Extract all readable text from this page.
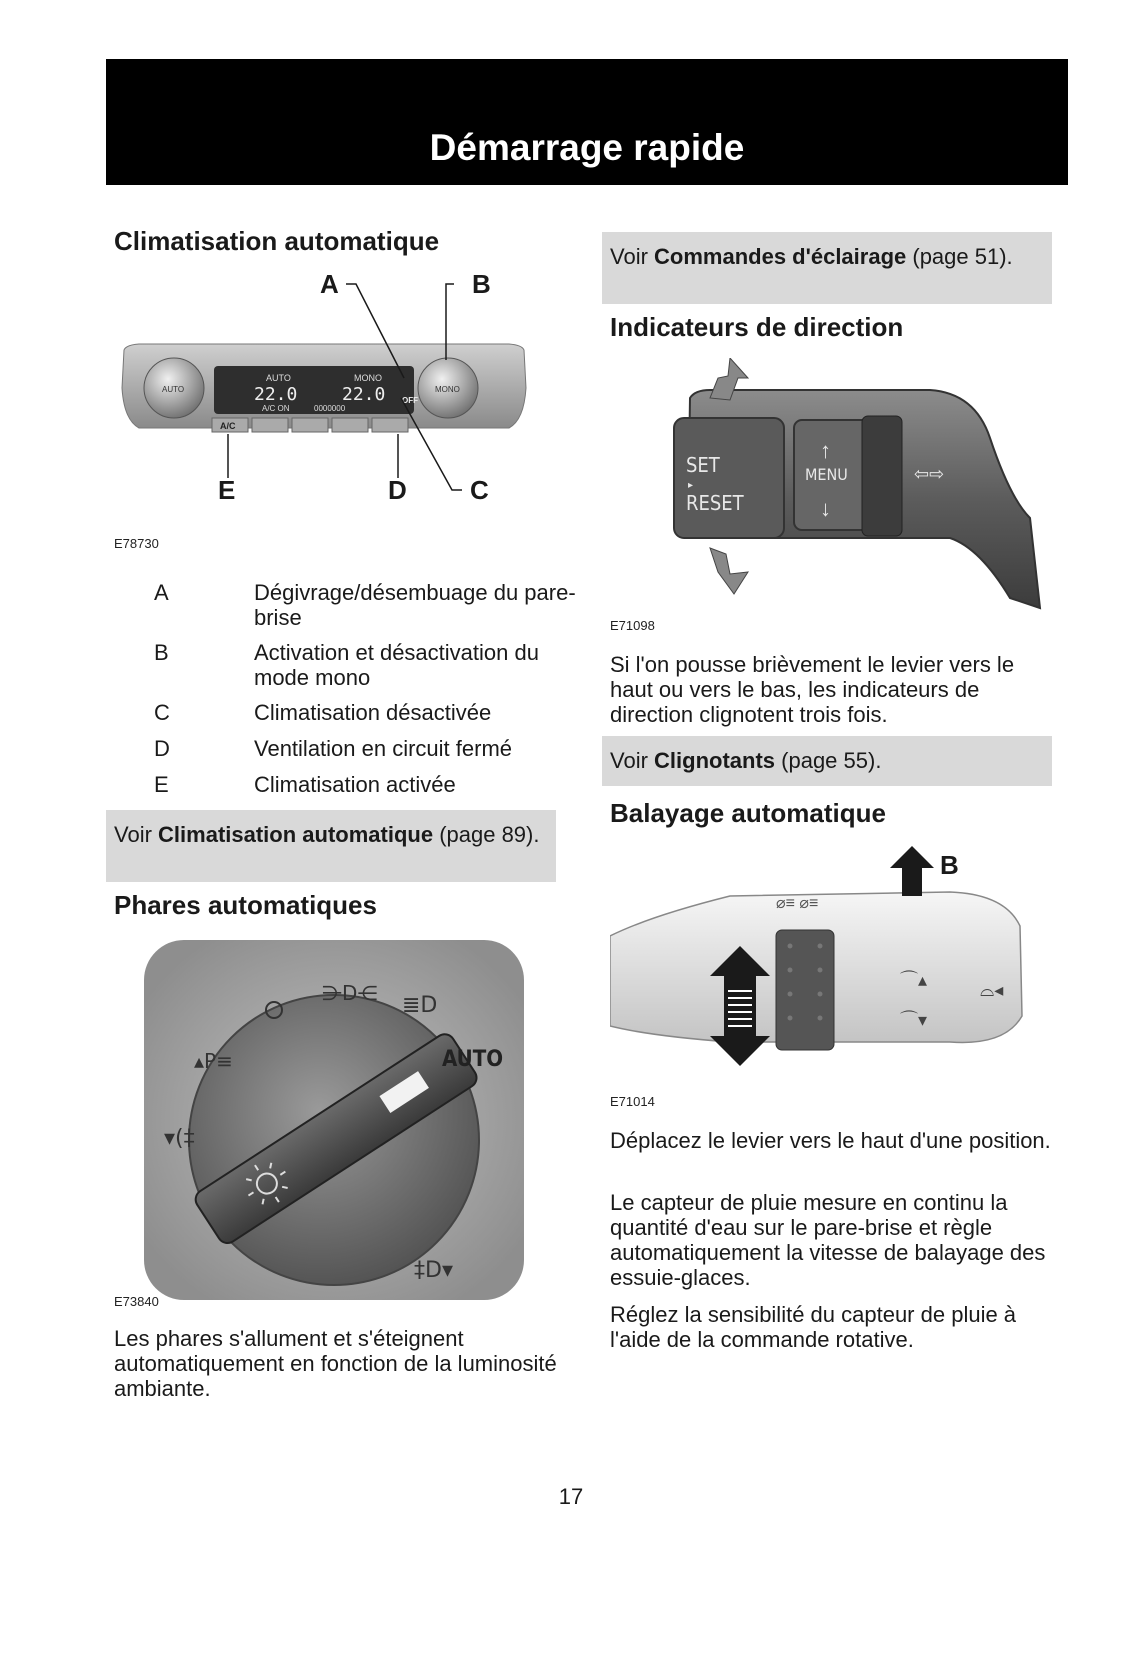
Démarrage rapide
Climatisation automatique
AUTO	MONO
22.0 22.0
A/C ON	0000000
OFF
AUTO	MONO
A/C
A	B
C
D
E
E78730
A	Dégivrage/désembuage du pare-brise
B	Activation et désactivation du mode mono
C	Climatisation désactivée
D	Ventilation en circuit fermé
E	Climatisation activée
Voir Climatisation automatique (page 89).
Phares automatiques
⋺D⋲ ≣D
▴P≡
▾(‡
‡D▾
AUTO
E73840

Les phares s'allument et s'éteignent automatiquement en fonction de la luminosité ambiante.

Voir Commandes d'éclairage (page 51).
Indicateurs de direction
SET
▸
RESET
MENU
↑
↓
⇦⇨
E71098

Si l'on pousse brièvement le levier vers le haut ou vers le bas, les indicateurs de direction clignotent trois fois.

Voir Clignotants (page 55).
Balayage automatique
⌒▴
⌒▾
⌓◂
⌀≡ ⌀≡
B
E71014

Déplacez le levier vers le haut d'une position.

Le capteur de pluie mesure en continu la quantité d'eau sur le pare-brise et règle automatiquement la vitesse de balayage des essuie-glaces.

Réglez la sensibilité du capteur de pluie à l'aide de la commande rotative.

17
